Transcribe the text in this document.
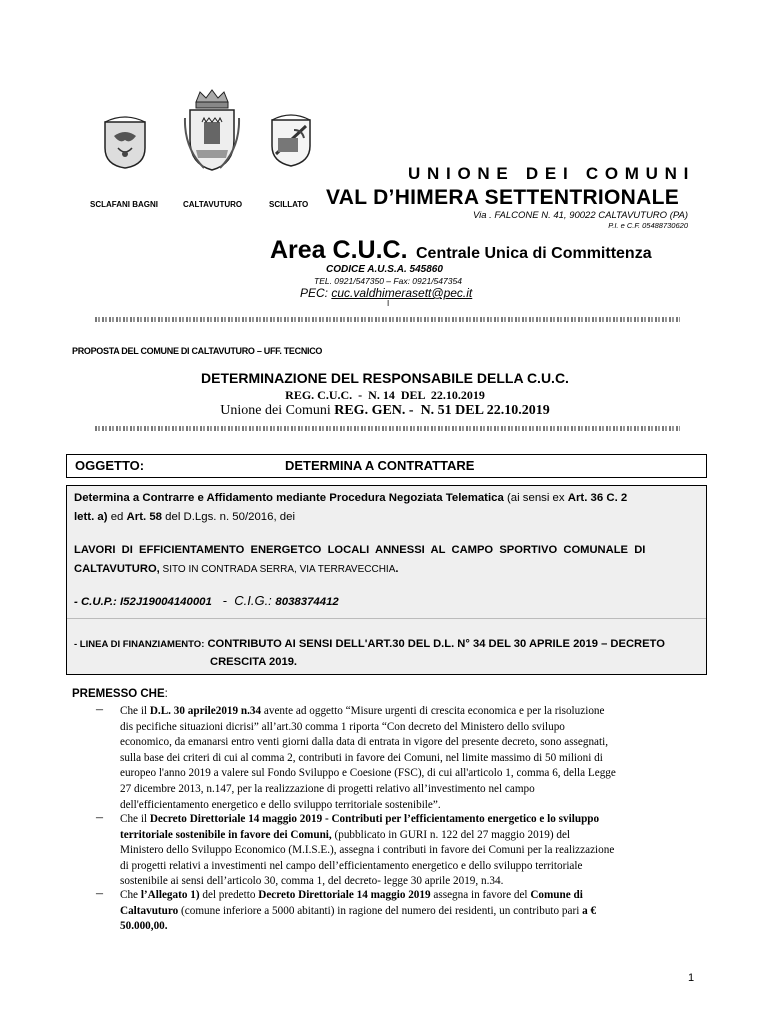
SCLAFANI BAGNI	CALTAVUTURO	SCILLATO
U N I O N E   D E I   C O M U N I
VAL D’HIMERA SETTENTRIONALE
Via . FALCONE N. 41, 90022 CALTAVUTURO (PA)
P.I. e C.F. 05488730620
Area C.U.C. Centrale Unica di Committenza
CODICE A.U.S.A. 545860
TEL. 0921/547350 – Fax: 0921/547354
PEC: cuc.valdhimerasett@pec.it
I
PROPOSTA DEL COMUNE DI CALTAVUTURO – UFF. TECNICO
DETERMINAZIONE DEL RESPONSABILE DELLA C.U.C.
REG. C.U.C.  -  N. 14  DEL  22.10.2019
Unione dei Comuni REG. GEN. -  N. 51 DEL 22.10.2019
OGGETTO:	DETERMINA A CONTRATTARE
Determina a Contrarre e Affidamento mediante Procedura Negoziata Telematica (ai sensi ex Art. 36 C. 2
lett. a) ed Art. 58 del D.Lgs. n. 50/2016, dei
LAVORI  DI  EFFICIENTAMENTO  ENERGETCO  LOCALI  ANNESSI  AL  CAMPO  SPORTIVO  COMUNALE  DI
CALTAVUTURO, SITO IN CONTRADA SERRA, VIA TERRAVECCHIA.
- C.U.P.: I52J19004140001   -  C.I.G.: 8038374412
- LINEA DI FINANZIAMENTO: CONTRIBUTO AI SENSI DELL'ART.30 DEL D.L. N° 34 DEL 30 APRILE 2019 – DECRETO
CRESCITA 2019.
PREMESSO CHE:
– Che il D.L. 30 aprile2019 n.34 avente ad oggetto “Misure urgenti di crescita economica e per la risoluzione
dis pecifiche situazioni dicrisi” all’art.30 comma 1 riporta “Con decreto del Ministero dello svilupo
economico, da emanarsi entro venti giorni dalla data di entrata in vigore del presente decreto, sono assegnati,
sulla base dei criteri di cui al comma 2, contributi in favore dei Comuni, nel limite massimo di 50 milioni di
europeo l'anno 2019 a valere sul Fondo Sviluppo e Coesione (FSC), di cui all'articolo 1, comma 6, della Legge
27 dicembre 2013, n.147, per la realizzazione di progetti relativo all’investimento nel campo
dell'efficientamento energetico e dello sviluppo territoriale sostenibile”.
– Che il Decreto Direttoriale 14 maggio 2019 - Contributi per l’efficientamento energetico e lo sviluppo
territoriale sostenibile in favore dei Comuni, (pubblicato in GURI n. 122 del 27 maggio 2019) del
Ministero dello Sviluppo Economico (M.I.S.E.), assegna i contributi in favore dei Comuni per la realizzazione
di progetti relativi a investimenti nel campo dell’efficientamento energetico e dello sviluppo territoriale
sostenibile ai sensi dell’articolo 30, comma 1, del decreto- legge 30 aprile 2019, n.34.
– Che l’Allegato 1) del predetto Decreto Direttoriale 14 maggio 2019 assegna in favore del Comune di
Caltavuturo (comune inferiore a 5000 abitanti) in ragione del numero dei residenti, un contributo pari a €
50.000,00.
1
